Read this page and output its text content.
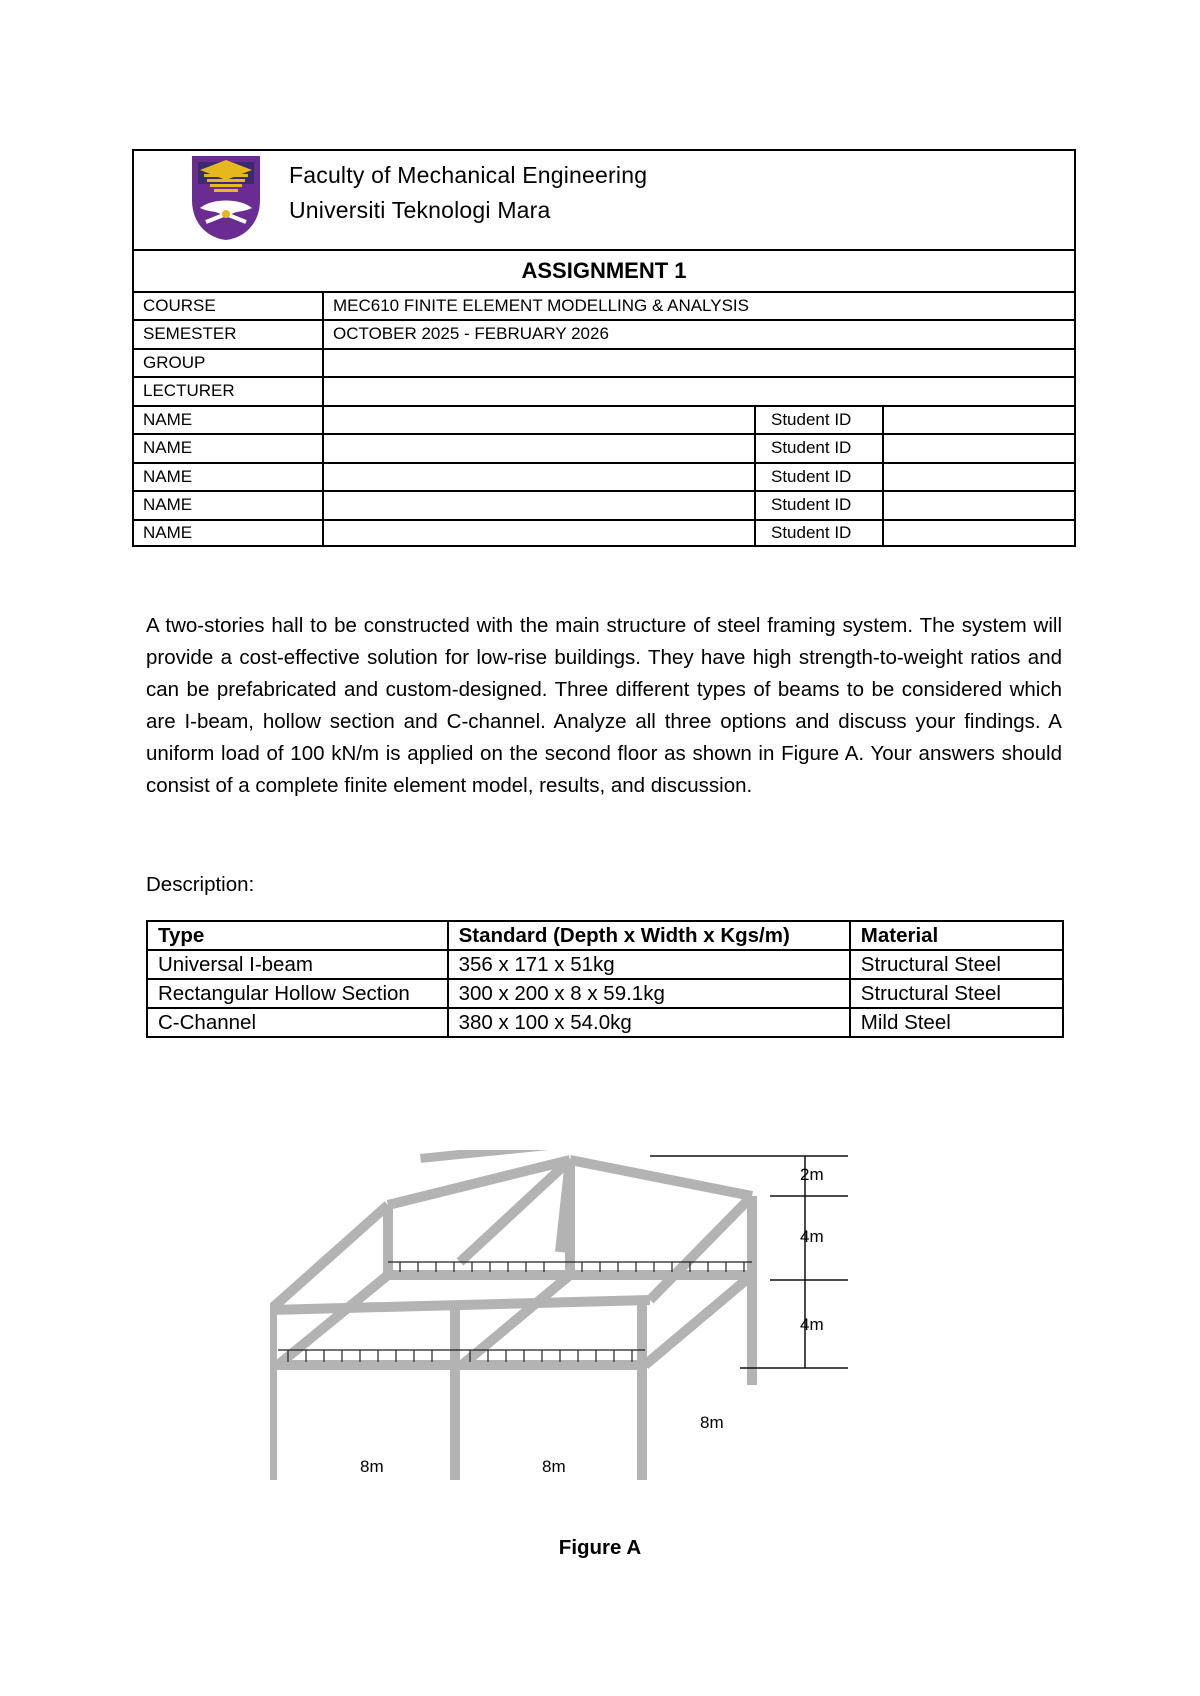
Faculty of Mechanical Engineering
Universiti Teknologi Mara
ASSIGNMENT 1
COURSE	MEC610 FINITE ELEMENT MODELLING & ANALYSIS
SEMESTER	OCTOBER 2025 - FEBRUARY 2026
GROUP
LECTURER
NAME	Student ID
NAME	Student ID
NAME	Student ID
NAME	Student ID
NAME	Student ID

A two-stories hall to be constructed with the main structure of steel framing system. The system will provide a cost-effective solution for low-rise buildings. They have high strength-to-weight ratios and can be prefabricated and custom-designed. Three different types of beams to be considered which are I-beam, hollow section and C-channel. Analyze all three options and discuss your findings. A uniform load of 100 kN/m is applied on the second floor as shown in Figure A. Your answers should consist of a complete finite element model, results, and discussion.

Description:
Type	Standard (Depth x Width x Kgs/m)	Material
Universal I-beam	356 x 171 x 51kg	Structural Steel
Rectangular Hollow Section	300 x 200 x 8 x 59.1kg	Structural Steel
C-Channel	380 x 100 x 54.0kg	Mild Steel
2m
4m
4m
8m	8m
8m
Figure A
